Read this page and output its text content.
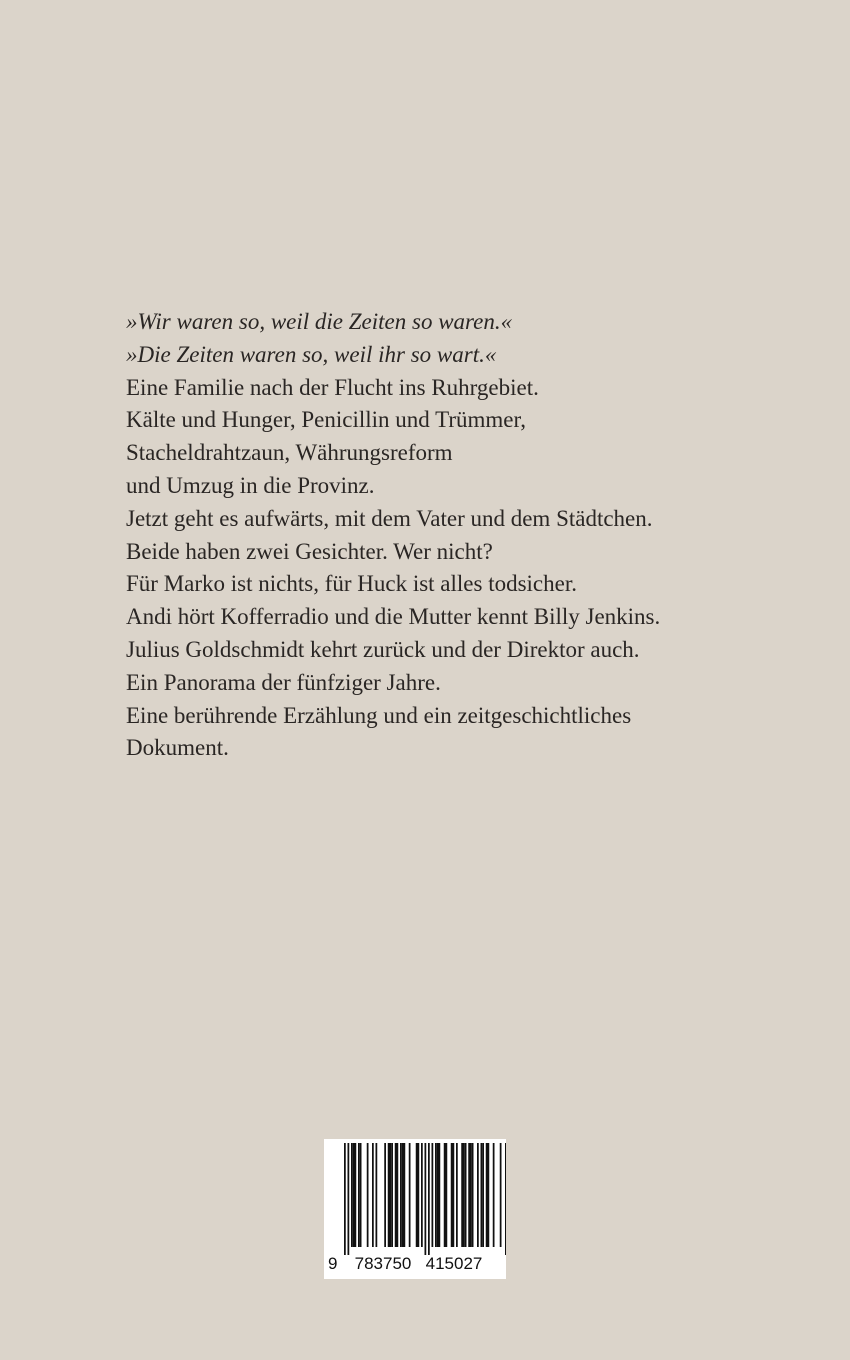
»Wir waren so, weil die Zeiten so waren.«
»Die Zeiten waren so, weil ihr so wart.«
Eine Familie nach der Flucht ins Ruhrgebiet.
Kälte und Hunger, Penicillin und Trümmer,
Stacheldrahtzaun, Währungsreform
und Umzug in die Provinz.
Jetzt geht es aufwärts, mit dem Vater und dem Städtchen.
Beide haben zwei Gesichter. Wer nicht?
Für Marko ist nichts, für Huck ist alles todsicher.
Andi hört Kofferradio und die Mutter kennt Billy Jenkins.
Julius Goldschmidt kehrt zurück und der Direktor auch.
Ein Panorama der fünfziger Jahre.
Eine berührende Erzählung und ein zeitgeschichtliches
Dokument.
9 783750 415027
